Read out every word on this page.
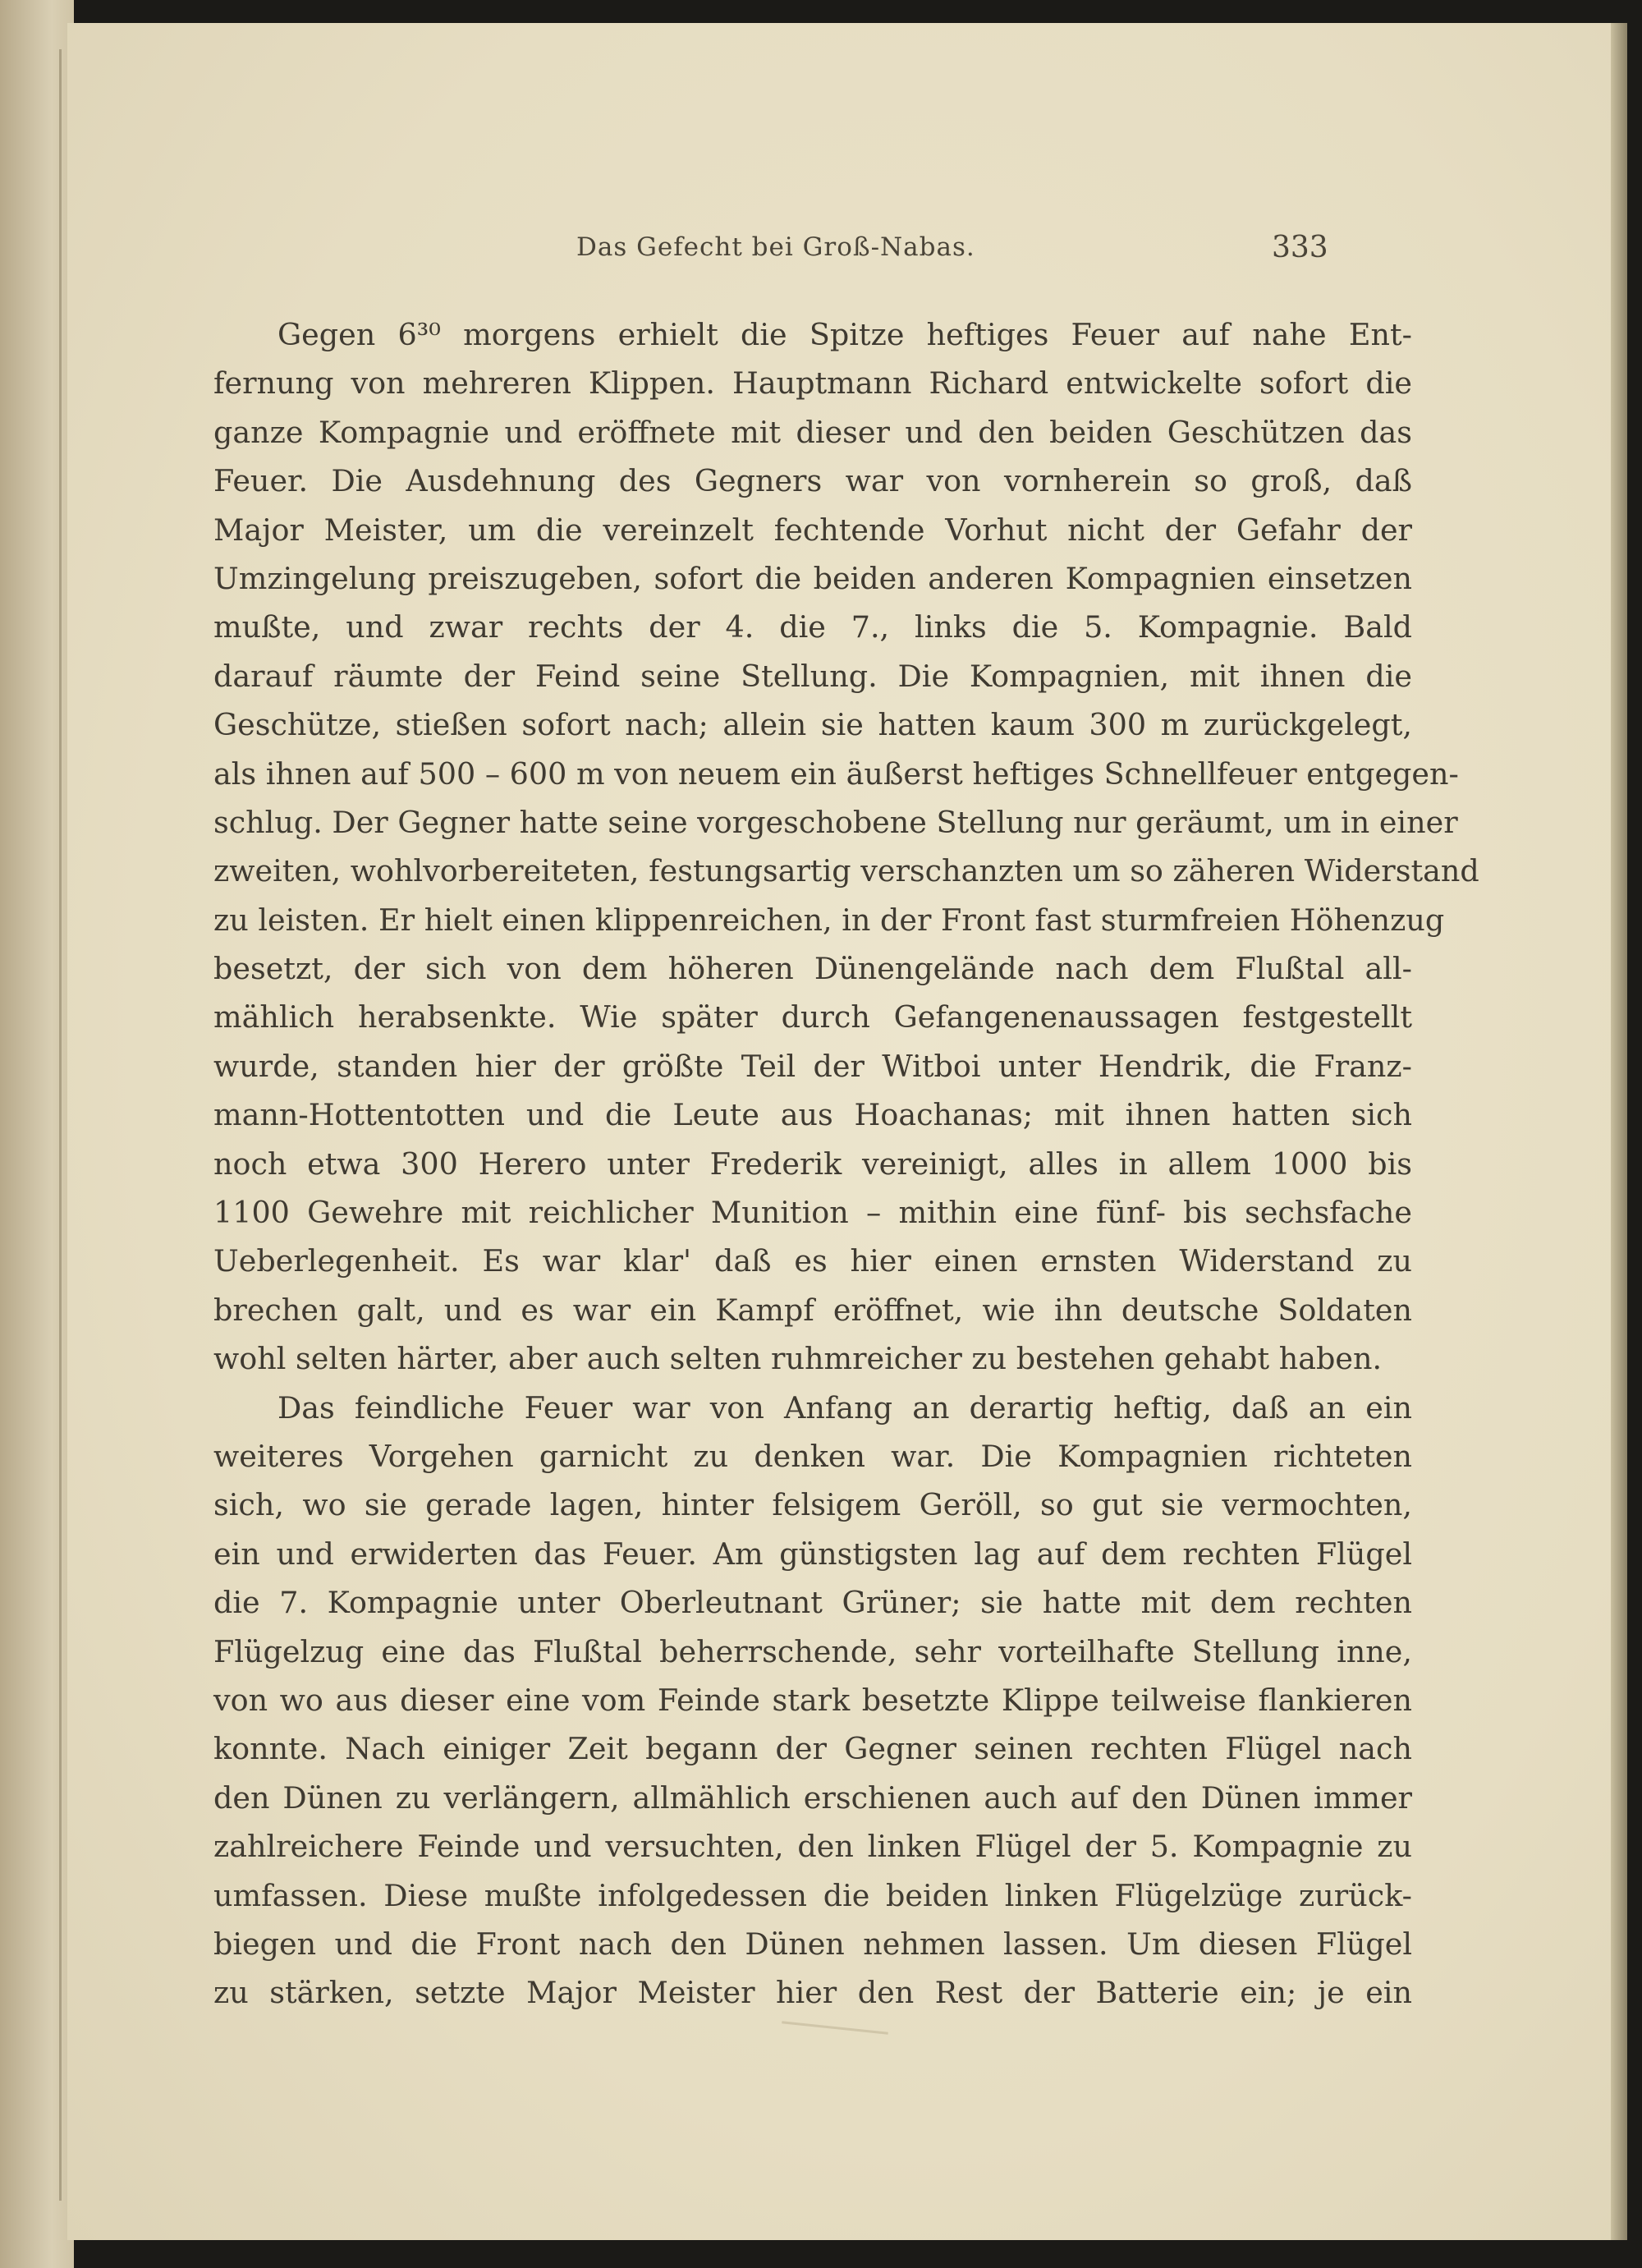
Das Gefecht bei Groß-Nabas.	333
Gegen 6³⁰ morgens erhielt die Spitze heftiges Feuer auf nahe Ent-
fernung von mehreren Klippen. Hauptmann Richard entwickelte sofort die
ganze Kompagnie und eröffnete mit dieser und den beiden Geschützen das
Feuer. Die Ausdehnung des Gegners war von vornherein so groß, daß
Major Meister, um die vereinzelt fechtende Vorhut nicht der Gefahr der
Umzingelung preiszugeben, sofort die beiden anderen Kompagnien einsetzen
mußte, und zwar rechts der 4. die 7., links die 5. Kompagnie. Bald
darauf räumte der Feind seine Stellung. Die Kompagnien, mit ihnen die
Geschütze, stießen sofort nach; allein sie hatten kaum 300 m zurückgelegt,
als ihnen auf 500 – 600 m von neuem ein äußerst heftiges Schnellfeuer entgegen-
schlug. Der Gegner hatte seine vorgeschobene Stellung nur geräumt, um in einer
zweiten, wohlvorbereiteten, festungsartig verschanzten um so zäheren Widerstand
zu leisten. Er hielt einen klippenreichen, in der Front fast sturmfreien Höhenzug
besetzt, der sich von dem höheren Dünengelände nach dem Flußtal all-
mählich herabsenkte. Wie später durch Gefangenenaussagen festgestellt
wurde, standen hier der größte Teil der Witboi unter Hendrik, die Franz-
mann-Hottentotten und die Leute aus Hoachanas; mit ihnen hatten sich
noch etwa 300 Herero unter Frederik vereinigt, alles in allem 1000 bis
1100 Gewehre mit reichlicher Munition – mithin eine fünf- bis sechsfache
Ueberlegenheit. Es war klar' daß es hier einen ernsten Widerstand zu
brechen galt, und es war ein Kampf eröffnet, wie ihn deutsche Soldaten
wohl selten härter, aber auch selten ruhmreicher zu bestehen gehabt haben.
Das feindliche Feuer war von Anfang an derartig heftig, daß an ein
weiteres Vorgehen garnicht zu denken war. Die Kompagnien richteten
sich, wo sie gerade lagen, hinter felsigem Geröll, so gut sie vermochten,
ein und erwiderten das Feuer. Am günstigsten lag auf dem rechten Flügel
die 7. Kompagnie unter Oberleutnant Grüner; sie hatte mit dem rechten
Flügelzug eine das Flußtal beherrschende, sehr vorteilhafte Stellung inne,
von wo aus dieser eine vom Feinde stark besetzte Klippe teilweise flankieren
konnte. Nach einiger Zeit begann der Gegner seinen rechten Flügel nach
den Dünen zu verlängern, allmählich erschienen auch auf den Dünen immer
zahlreichere Feinde und versuchten, den linken Flügel der 5. Kompagnie zu
umfassen. Diese mußte infolgedessen die beiden linken Flügelzüge zurück-
biegen und die Front nach den Dünen nehmen lassen. Um diesen Flügel
zu stärken, setzte Major Meister hier den Rest der Batterie ein; je ein
